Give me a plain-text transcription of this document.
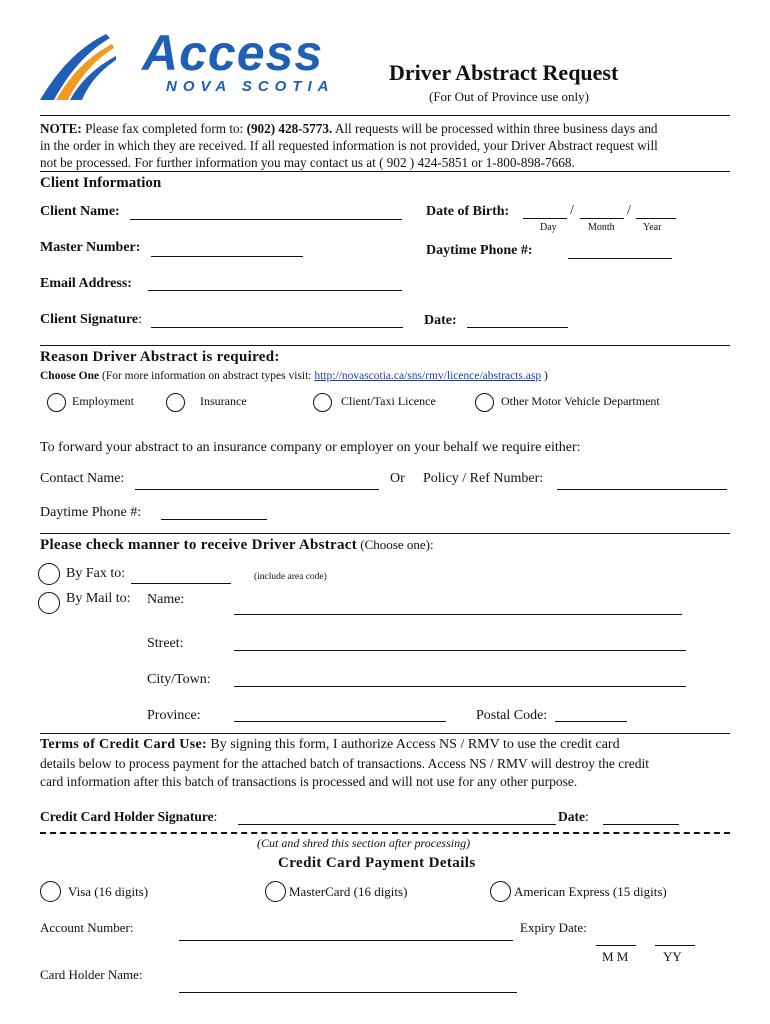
Access
NOVA SCOTIA
Driver Abstract Request
(For Out of Province use only)
NOTE: Please fax completed form to: (902) 428-5773. All requests will be processed within three business days and
in the order in which they are received. If all requested information is not provided, your Driver Abstract request will
not be processed. For further information you may contact us at ( 902 ) 424-5851 or 1-800-898-7668.
Client Information
Client Name:	Date of Birth:	/	/
Day	Month	Year
Master Number:	Daytime Phone #:
Email Address:
Client Signature:	Date:
Reason Driver Abstract is required:
Choose One (For more information on abstract types visit: http://novascotia.ca/sns/rmv/licence/abstracts.asp )
Employment	Insurance	Client/Taxi Licence	Other Motor Vehicle Department
To forward your abstract to an insurance company or employer on your behalf we require either:
Contact Name:	Or Policy / Ref Number:
Daytime Phone #:
Please check manner to receive Driver Abstract (Choose one):
By Fax to:	(include area code)
By Mail to: Name:
Street:
City/Town:
Province:	Postal Code:
Terms of Credit Card Use: By signing this form, I authorize Access NS / RMV to use the credit card
details below to process payment for the attached batch of transactions. Access NS / RMV will destroy the credit
card information after this batch of transactions is processed and will not use for any other purpose.
Credit Card Holder Signature:	Date:
(Cut and shred this section after processing)
Credit Card Payment Details
Visa (16 digits)	MasterCard (16 digits)	American Express (15 digits)
Account Number:	Expiry Date:
M M	YY
Card Holder Name:
